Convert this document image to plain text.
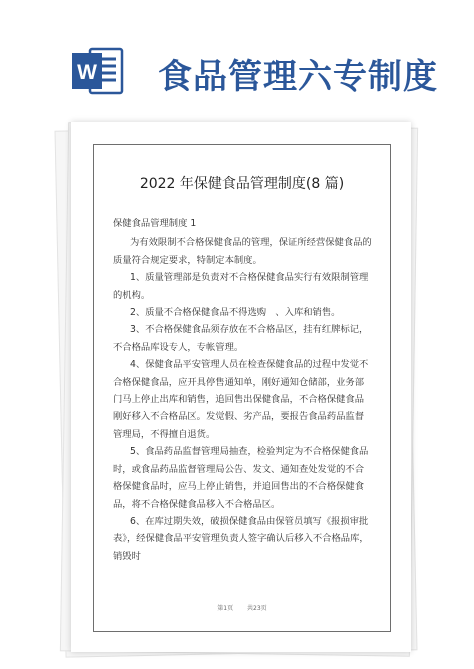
W 食品管理六专制度
2022 年保健食品管理制度(8 篇)

保健食品管理制度 1

为有效限制不合格保健食品的管理，保证所经营保健食品的质量符合规定要求，特制定本制度。

1、质量管理部是负责对不合格保健食品实行有效限制管理的机构。

2、质量不合格保健食品不得选购　、入库和销售。

3、不合格保健食品须存放在不合格品区，挂有红牌标记，不合格品库设专人，专帐管理。

4、保健食品平安管理人员在检查保健食品的过程中发觉不合格保健食品，应开具停售通知单，刚好通知仓储部，业务部门马上停止出库和销售，追回售出保健食品，不合格保健食品刚好移入不合格品区。发觉假、劣产品，要报告食品药品监督管理局，不得擅自退货。

5、食品药品监督管理局抽查，检验判定为不合格保健食品时，或食品药品监督管理局公告、发文、通知查处发觉的不合格保健食品时，应马上停止销售，并追回售出的不合格保健食品，将不合格保健食品移入不合格品区。

6、在库过期失效，破损保健食品由保管员填写《报损审批表》，经保健食品平安管理负责人签字确认后移入不合格品库，销毁时

第1页 共23页
